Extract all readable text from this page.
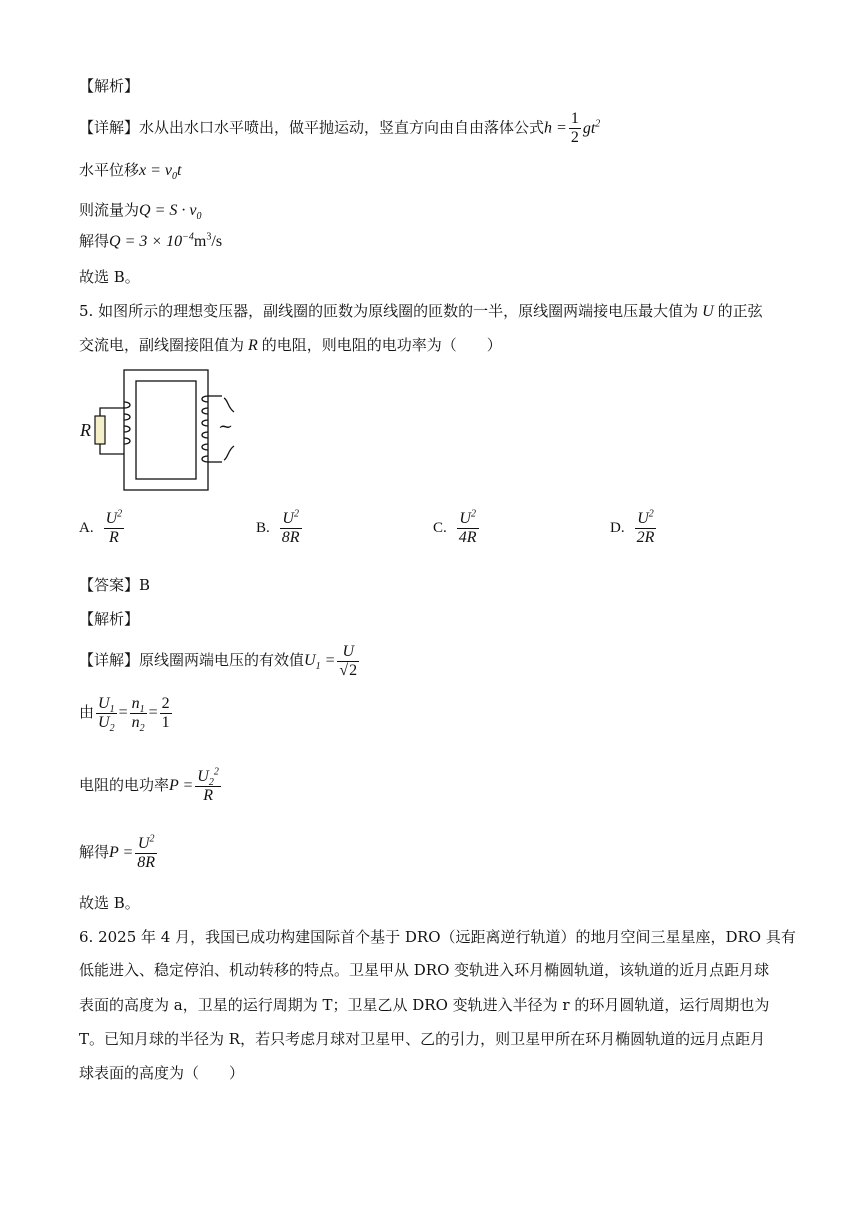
【解析】
【详解】水从出水口水平喷出，做平抛运动，竖直方向由自由落体公式$h = \frac{1}{2} gt^2$
水平位移$x = v_0t$
则流量为$Q = S \cdot v_0$
解得$Q = 3 \times 10^{-4}m^3/s$
故选 B。
5. 如图所示的理想变压器，副线圈的匝数为原线圈的匝数的一半，原线圈两端接电压最大值为 U 的正弦
交流电，副线圈接阻值为 R 的电阻，则电阻的电功率为（　　）
R	~
A. $\frac{U^2}{R}$	B. $\frac{U^2}{8R}$	C. $\frac{U^2}{4R}$	D. $\frac{U^2}{2R}$
【答案】B
【解析】
【详解】原线圈两端电压的有效值$U_1 = \frac{U}{√2}$
由 $\frac{U_1}{U_2} = \frac{n_1}{n_2} = \frac{2}{1}$
电阻的电功率$P = \frac{U_2^2}{R}$
解得$P = \frac{U^2}{8R}$
故选 B。
6. 2025 年 4 月，我国已成功构建国际首个基于 DRO（远距离逆行轨道）的地月空间三星星座，DRO 具有
低能进入、稳定停泊、机动转移的特点。卫星甲从 DRO 变轨进入环月椭圆轨道，该轨道的近月点距月球
表面的高度为 a，卫星的运行周期为 T；卫星乙从 DRO 变轨进入半径为 r 的环月圆轨道，运行周期也为
T。已知月球的半径为 R，若只考虑月球对卫星甲、乙的引力，则卫星甲所在环月椭圆轨道的远月点距月
球表面的高度为（　　）
